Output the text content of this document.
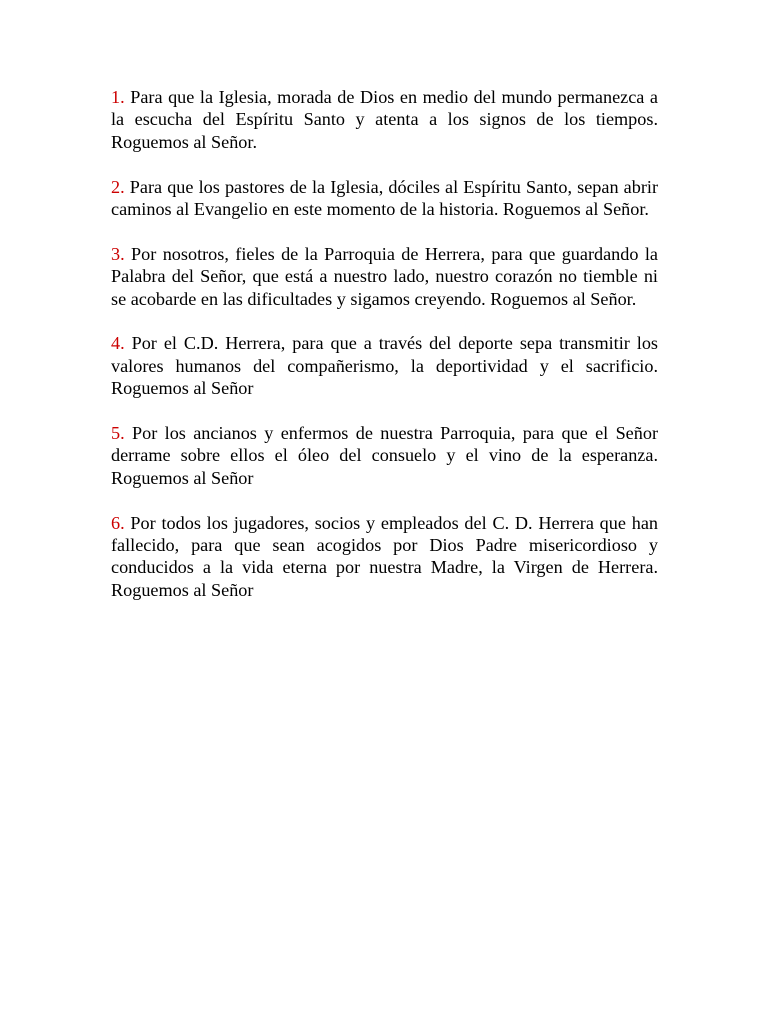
1. Para que la Iglesia, morada de Dios en medio del mundo permanezca a la escucha del Espíritu Santo y atenta a los signos de los tiempos. Roguemos al Señor.

2. Para que los pastores de la Iglesia, dóciles al Espíritu Santo, sepan abrir caminos al Evangelio en este momento de la historia. Roguemos al Señor.

3. Por nosotros, fieles de la Parroquia de Herrera, para que guardando la Palabra del Señor, que está a nuestro lado, nuestro corazón no tiemble ni se acobarde en las dificultades y sigamos creyendo. Roguemos al Señor.

4. Por el C.D. Herrera, para que a través del deporte sepa transmitir los valores humanos del compañerismo, la deportividad y el sacrificio. Roguemos al Señor

5. Por los ancianos y enfermos de nuestra Parroquia, para que el Señor derrame sobre ellos el óleo del consuelo y el vino de la esperanza. Roguemos al Señor

6. Por todos los jugadores, socios y empleados del C. D. Herrera que han fallecido, para que sean acogidos por Dios Padre misericordioso y conducidos a la vida eterna por nuestra Madre, la Virgen de Herrera. Roguemos al Señor
